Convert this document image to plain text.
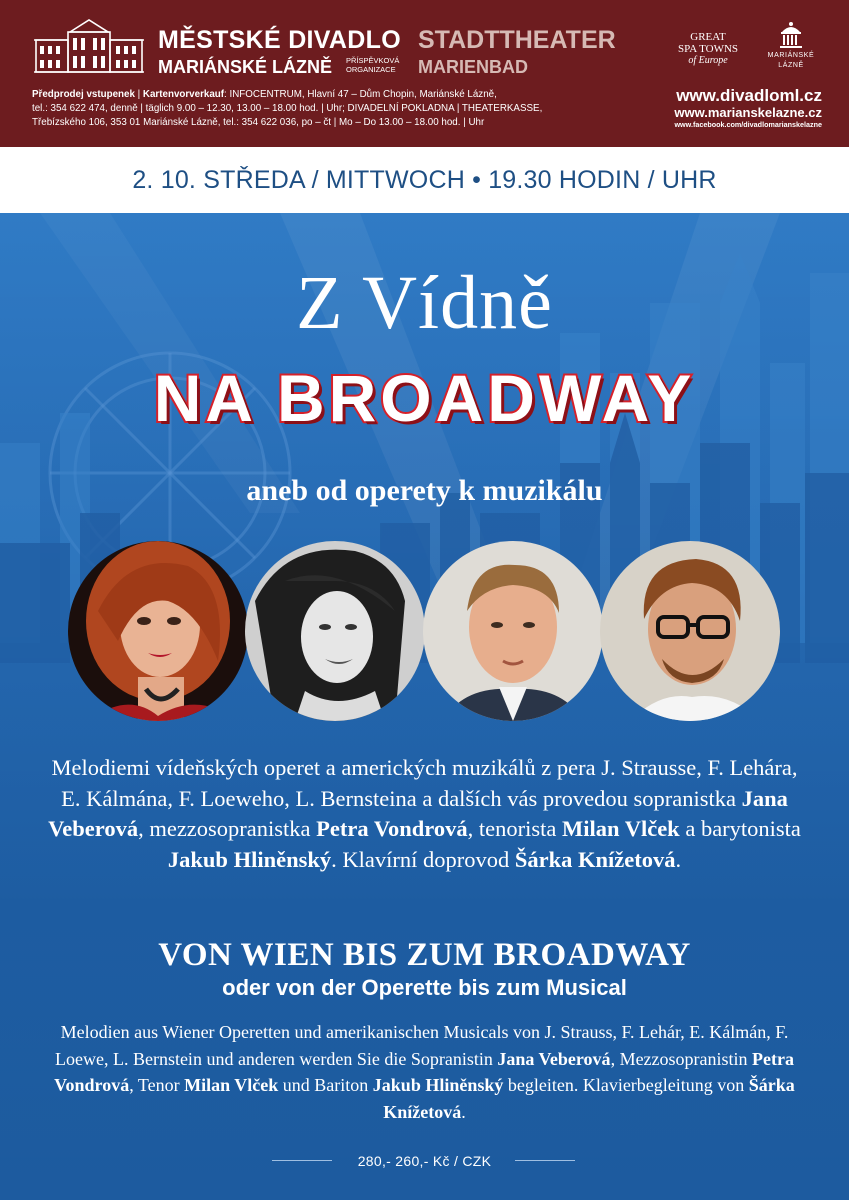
MĚSTSKÉ DIVADLO
MARIÁNSKÉ LÁZNĚ PŘÍSPĚVKOVÁ
ORGANIZACE
STADTTHEATER
MARIENBAD
GREAT
SPA TOWNS
of Europe	MARIÁNSKÉ
LÁZNĚ
Předprodej vstupenek | Kartenvorverkauf: INFOCENTRUM, Hlavní 47 – Dům Chopin, Mariánské Lázně,
tel.: 354 622 474, denně | täglich 9.00 – 12.30, 13.00 – 18.00 hod. | Uhr; DIVADELNÍ POKLADNA | THEATERKASSE,
Třebízského 106, 353 01 Mariánské Lázně, tel.: 354 622 036, po – čt | Mo – Do 13.00 – 18.00 hod. | Uhr
www.divadloml.cz
www.marianskelazne.cz
www.facebook.com/divadlomarianskelazne
2. 10. STŘEDA / MITTWOCH • 19.30 HODIN / UHR
Z Vídně
NA BROADWAY
aneb od operety k muzikálu
Melodiemi vídeňských operet a amerických muzikálů z pera J. Strausse, F. Lehára, E. Kálmána, F. Loeweho, L. Bernsteina a dalších vás provedou sopranistka Jana Veberová, mezzosopranistka Petra Vondrová, tenorista Milan Vlček a barytonista Jakub Hliněnský. Klavírní doprovod Šárka Knížetová.
VON WIEN BIS ZUM BROADWAY
oder von der Operette bis zum Musical
Melodien aus Wiener Operetten und amerikanischen Musicals von J. Strauss, F. Lehár, E. Kálmán, F. Loewe, L. Bernstein und anderen werden Sie die Sopranistin Jana Veberová, Mezzosopranistin Petra Vondrová, Tenor Milan Vlček und Bariton Jakub Hliněnský begleiten. Klavierbegleitung von Šárka Knížetová.
280,- 260,- Kč / CZK
